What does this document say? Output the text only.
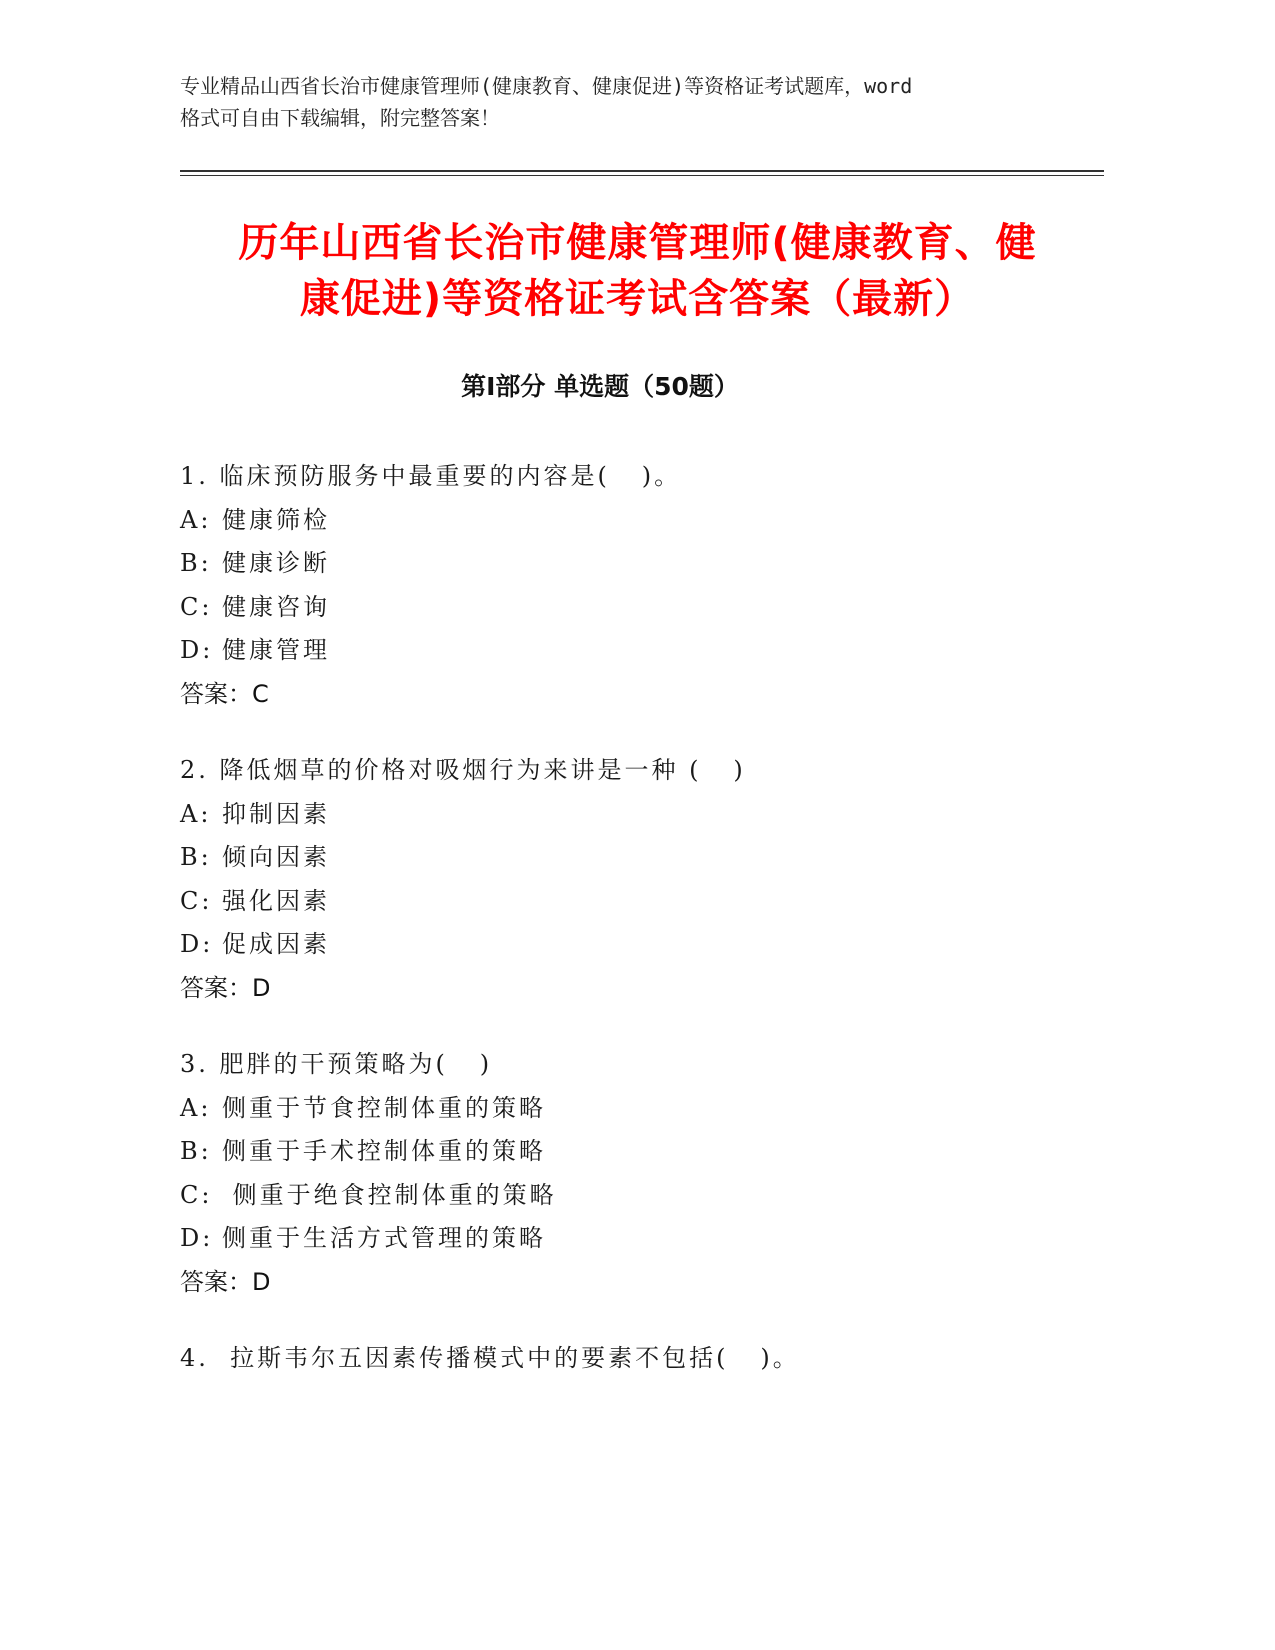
专业精品山西省长治市健康管理师(健康教育、健康促进)等资格证考试题库，word
格式可自由下载编辑，附完整答案！
历年山西省长治市健康管理师(健康教育、健
康促进)等资格证考试含答案（最新）
第Ⅰ部分 单选题（50题）
1. 临床预防服务中最重要的内容是(   )。
A: 健康筛检
B: 健康诊断
C: 健康咨询
D: 健康管理
答案：C
2. 降低烟草的价格对吸烟行为来讲是一种 (   )
A: 抑制因素
B: 倾向因素
C: 强化因素
D: 促成因素
答案：D
3. 肥胖的干预策略为(   )
A: 侧重于节食控制体重的策略
B: 侧重于手术控制体重的策略
C: 侧重于绝食控制体重的策略
D: 侧重于生活方式管理的策略
答案：D
4.  拉斯韦尔五因素传播模式中的要素不包括(   )。
